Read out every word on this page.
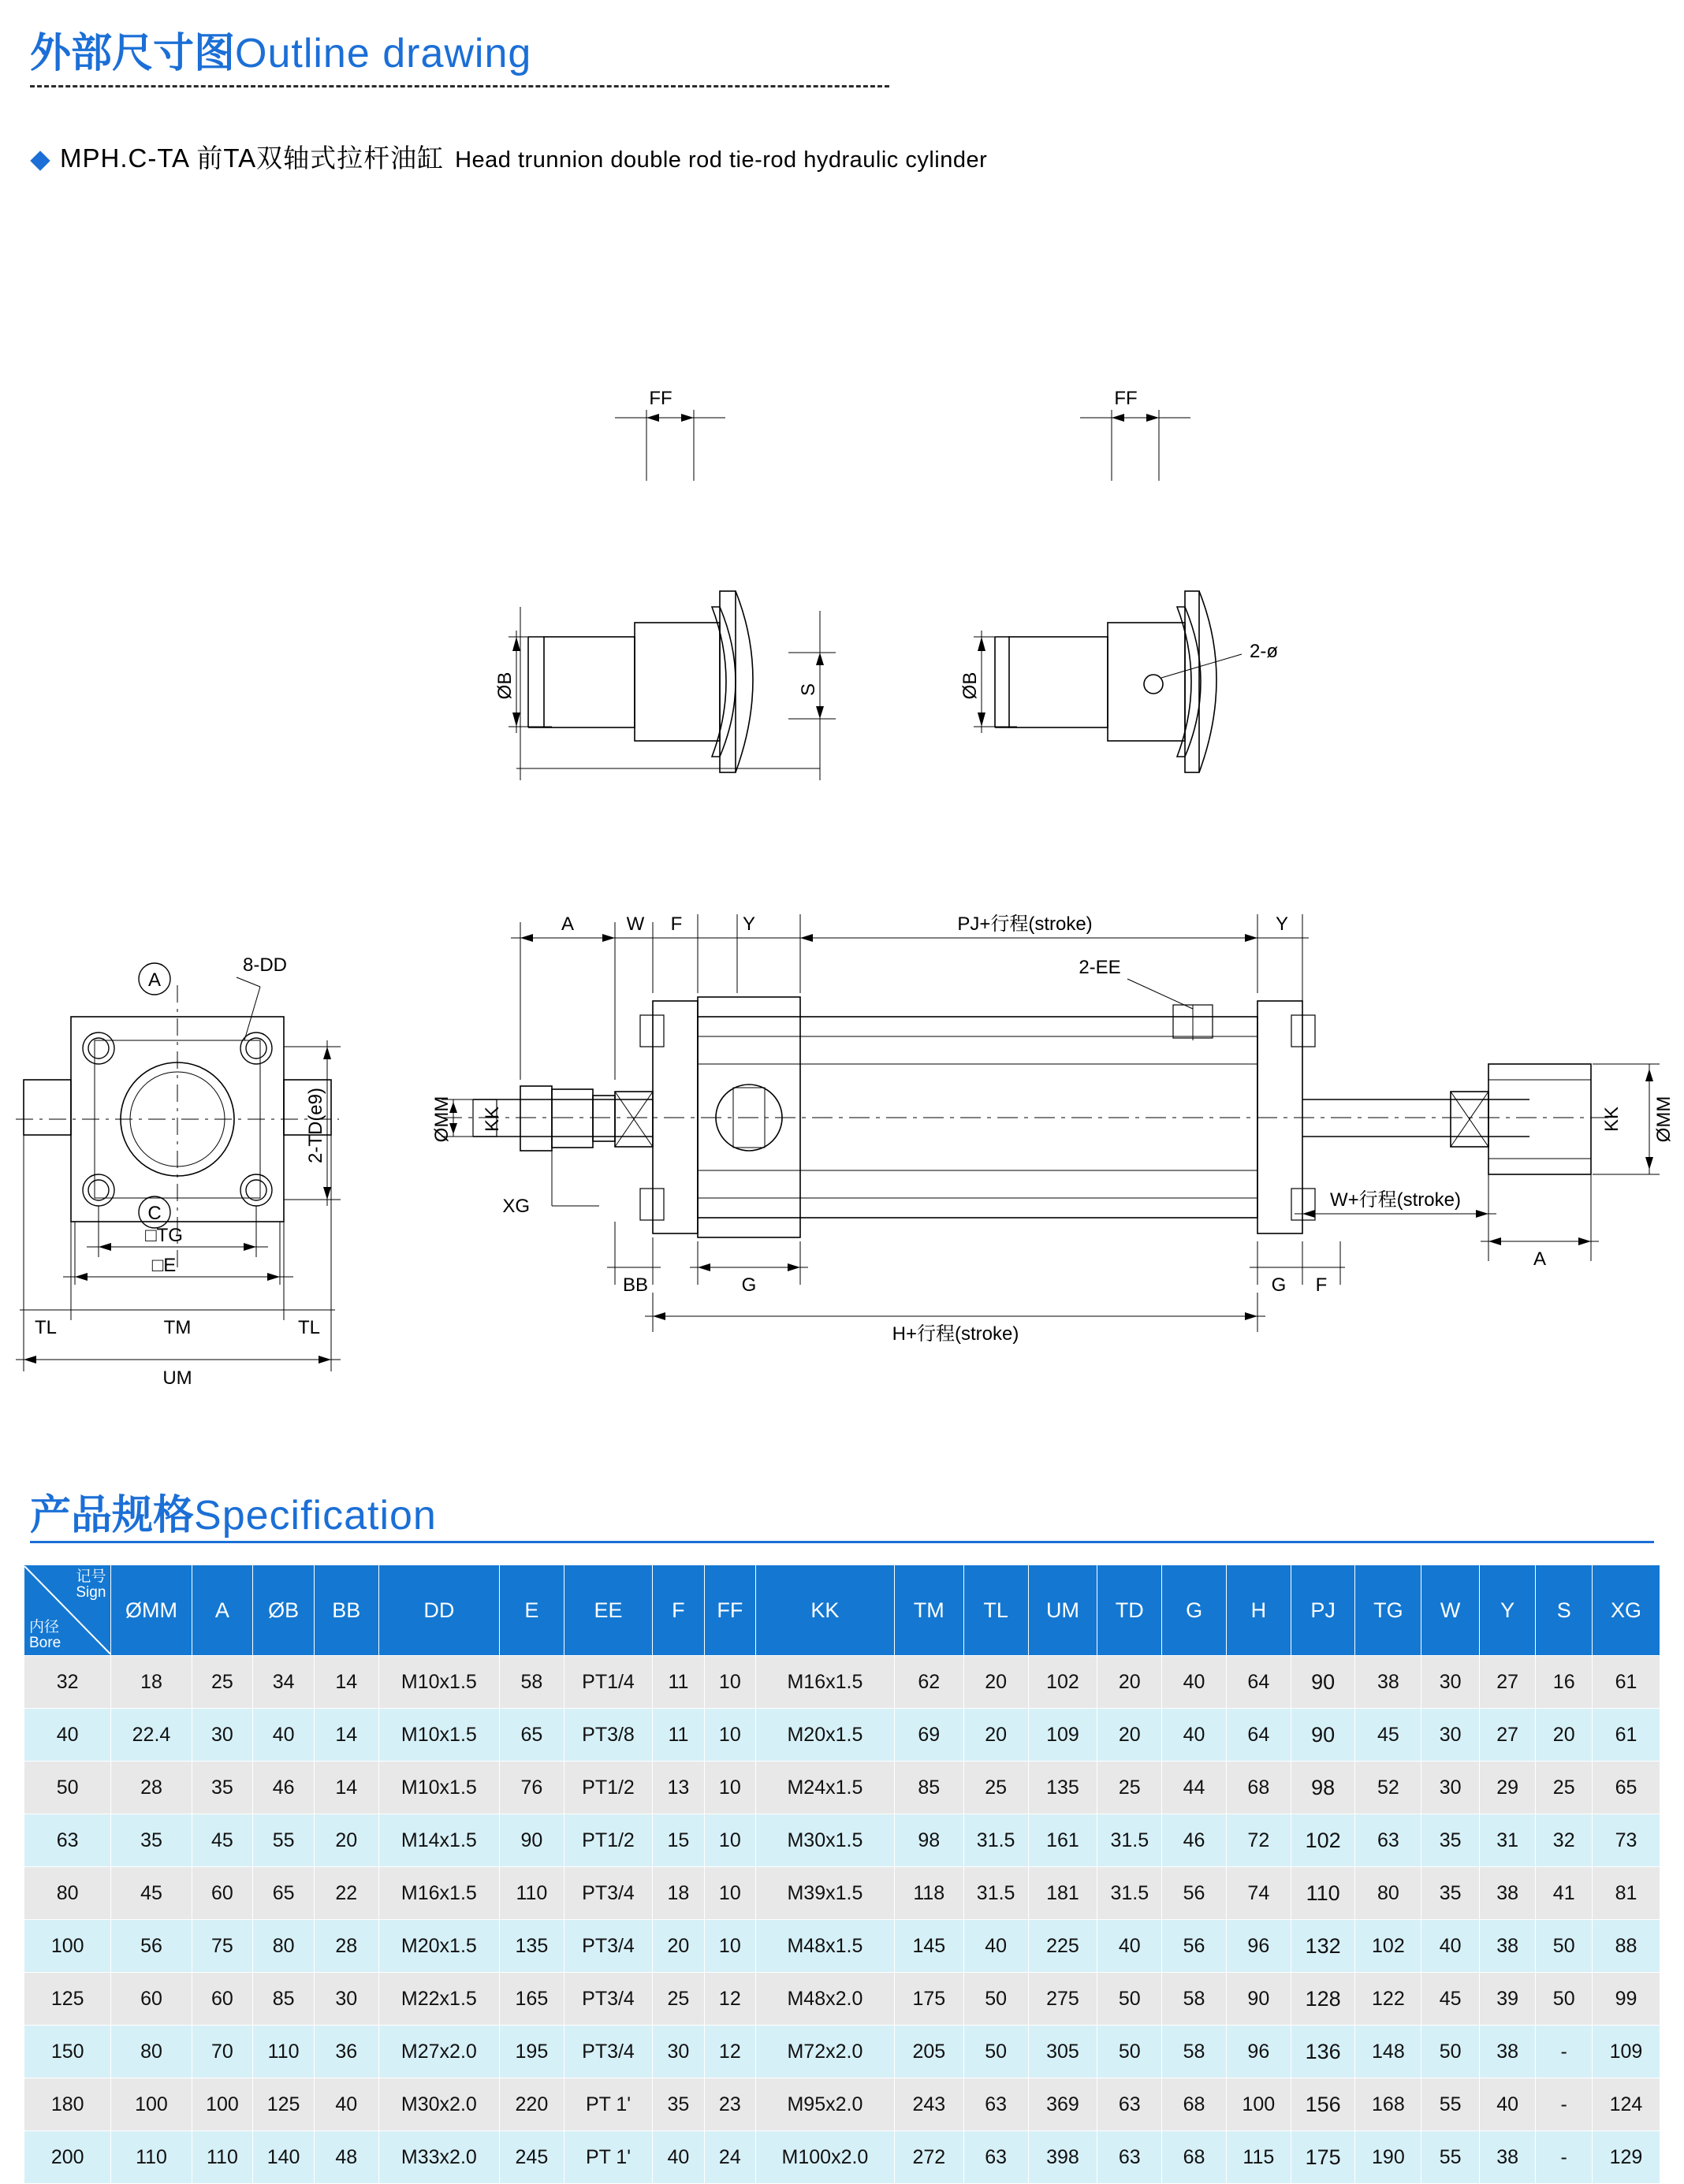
外部尺寸图Outline drawing
MPH.C-TA 前TA双轴式拉杆油缸 Head trunnion double rod tie-rod hydraulic cylinder
FF
ØB	S
FF
ØB
2-ø
A
C
8-DD
2-TD(e9)
□TG
□E
TL	TM	TL
UM
2-EE
A	W F	Y	PJ+行程(stroke)	Y
ØMM KK
XG
BB	G
H+行程(stroke)
G F
W+行程(stroke)
A
KK ØMM
产品规格Specification
记号
Sign
内径
Bore	ØMM	A	ØB	BB	DD	E	EE	F	FF	KK	TM	TL	UM	TD	G	H	PJ	TG	W	Y	S	XG
32	18	25	34	14	M10x1.5	58	PT1/4	11	10	M16x1.5	62	20	102	20	40	64	90	38	30	27	16	61
40	22.4	30	40	14	M10x1.5	65	PT3/8	11	10	M20x1.5	69	20	109	20	40	64	90	45	30	27	20	61
50	28	35	46	14	M10x1.5	76	PT1/2	13	10	M24x1.5	85	25	135	25	44	68	98	52	30	29	25	65
63	35	45	55	20	M14x1.5	90	PT1/2	15	10	M30x1.5	98	31.5	161	31.5	46	72	102	63	35	31	32	73
80	45	60	65	22	M16x1.5	110	PT3/4	18	10	M39x1.5	118	31.5	181	31.5	56	74	110	80	35	38	41	81
100	56	75	80	28	M20x1.5	135	PT3/4	20	10	M48x1.5	145	40	225	40	56	96	132	102	40	38	50	88
125	60	60	85	30	M22x1.5	165	PT3/4	25	12	M48x2.0	175	50	275	50	58	90	128	122	45	39	50	99
150	80	70	110	36	M27x2.0	195	PT3/4	30	12	M72x2.0	205	50	305	50	58	96	136	148	50	38	-	109
180	100	100	125	40	M30x2.0	220	PT 1'	35	23	M95x2.0	243	63	369	63	68	100	156	168	55	40	-	124
200	110	110	140	48	M33x2.0	245	PT 1'	40	24	M100x2.0	272	63	398	63	68	115	175	190	55	38	-	129
